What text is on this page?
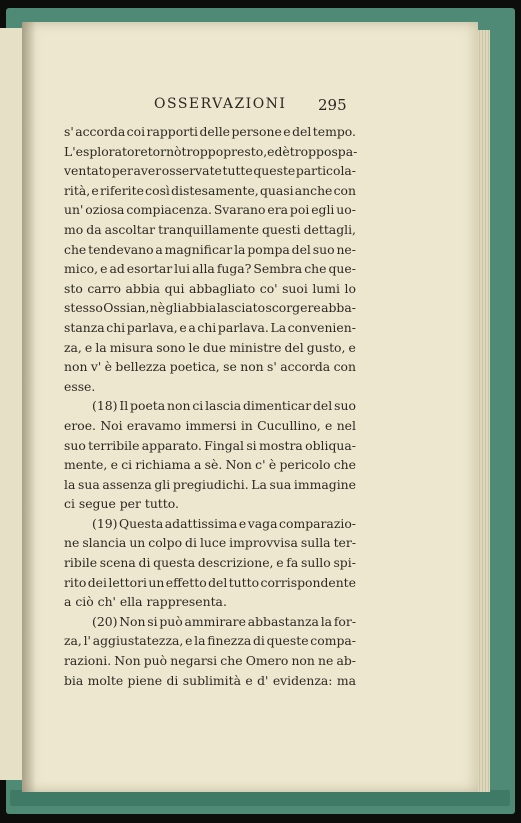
OSSERVAZIONI 295
s' accorda coi rapporti delle persone e del tempo.
L' esploratore tornò troppo presto, ed è troppo spa-
ventato per aver osservate tutte queste particola-
rità, e riferite così distesamente, quasi anche con
un' oziosa compiacenza. Svarano era poi egli uo-
mo da ascoltar tranquillamente questi dettagli,
che tendevano a magnificar la pompa del suo ne-
mico, e ad esortar lui alla fuga? Sembra che que-
sto carro abbia qui abbagliato co' suoi lumi lo
stesso Ossian, nè gli abbia lasciato scorgere abba-
stanza chi parlava, e a chi parlava. La convenien-
za, e la misura sono le due ministre del gusto, e
non v' è bellezza poetica, se non s' accorda con
esse.
(18) Il poeta non ci lascia dimenticar del suo
eroe. Noi eravamo immersi in Cucullino, e nel
suo terribile apparato. Fingal si mostra obliqua-
mente, e ci richiama a sè. Non c' è pericolo che
la sua assenza gli pregiudichi. La sua immagine
ci segue per tutto.
(19) Questa adattissima e vaga comparazio-
ne slancia un colpo di luce improvvisa sulla ter-
ribile scena di questa descrizione, e fa sullo spi-
rito dei lettori un effetto del tutto corrispondente
a ciò ch' ella rappresenta.
(20) Non si può ammirare abbastanza la for-
za, l' aggiustatezza, e la finezza di queste compa-
razioni. Non può negarsi che Omero non ne ab-
bia molte piene di sublimità e d' evidenza: ma
